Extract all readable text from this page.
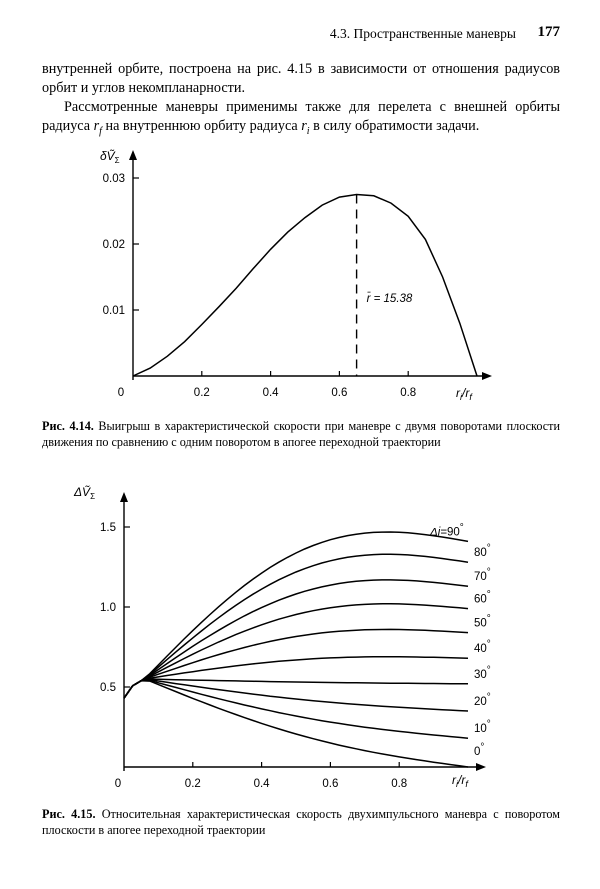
4.3. Пространственные маневры 177

внутренней орбите, построена на рис. 4.15 в зависимости от отношения радиусов орбит и углов некомпланарности.

Рассмотренные маневры применимы также для перелета с внешней орбиты радиуса $r_f$ на внутреннюю орбиту радиуса $r_i$ в силу обратимости задачи.

0.01
0.02
0.03
0	0.2	0.4	0.6	0.8
δṼ$_\Sigma$
$r_i/r_f$
r̄ = 15.38
Рис. 4.14. Выигрыш в характеристической скорости при маневре с двумя поворотами плоскости движения по сравнению с одним поворотом в апогее переходной траектории
0.5
1.0
1.5
0	0.2	0.4	0.6	0.8
ΔṼ$_\Sigma$
$r_i/r_f$
Δi=90°
80°
70°
60°
50°
40°
30°
20°
10°
0°
Рис. 4.15. Относительная характеристическая скорость двухимпульсного маневра с поворотом плоскости в апогее переходной траектории
